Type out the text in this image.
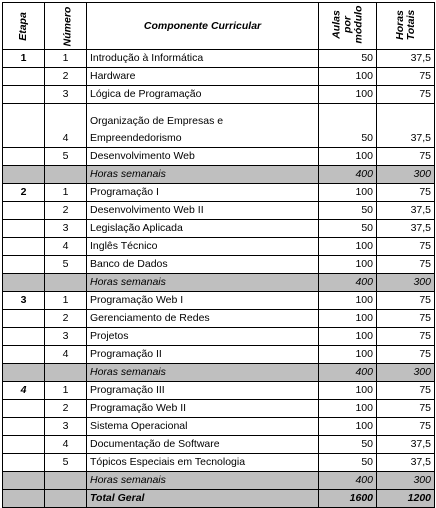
Etapa	Número	Componente Curricular	Aulas por módulo	Horas Totais
1	1	Introdução à Informática	50	37,5
	2	Hardware	100	75
	3	Lógica de Programação	100	75
	4	Organização de Empresas e Empreendedorismo	50	37,5
	5	Desenvolvimento Web	100	75
		Horas semanais	400	300
2	1	Programação I	100	75
	2	Desenvolvimento Web II	50	37,5
	3	Legislação Aplicada	50	37,5
	4	Inglês Técnico	100	75
	5	Banco de Dados	100	75
		Horas semanais	400	300
3	1	Programação Web I	100	75
	2	Gerenciamento de Redes	100	75
	3	Projetos	100	75
	4	Programação II	100	75
		Horas semanais	400	300
4	1	Programação III	100	75
	2	Programação Web II	100	75
	3	Sistema Operacional	100	75
	4	Documentação de Software	50	37,5
	5	Tópicos Especiais em Tecnologia	50	37,5
		Horas semanais	400	300
		Total Geral	1600	1200
